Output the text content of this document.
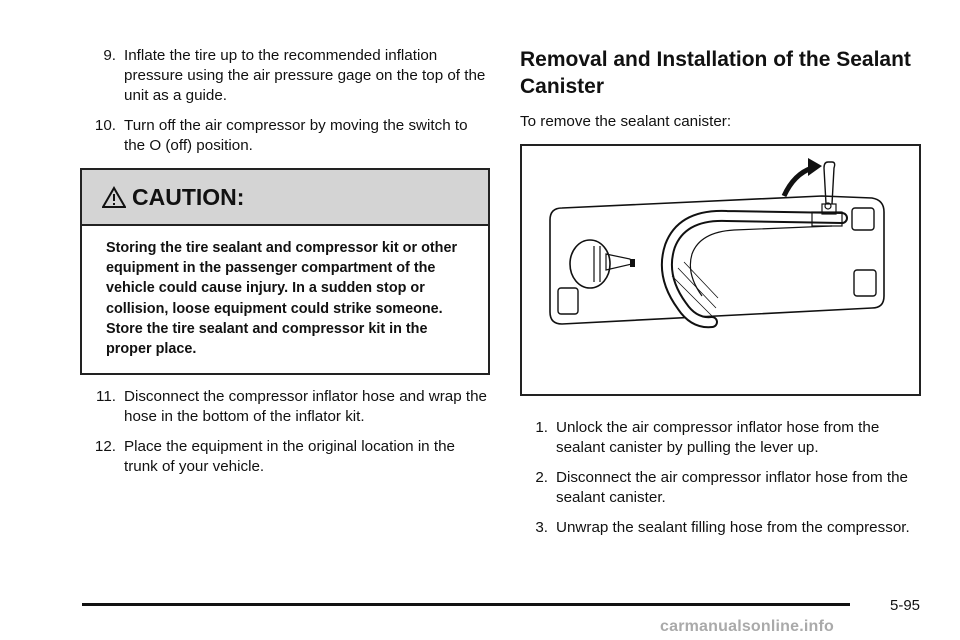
9. Inflate the tire up to the recommended inflation pressure using the air pressure gage on the top of the unit as a guide.
10. Turn off the air compressor by moving the switch to the O (off) position.
CAUTION:
Storing the tire sealant and compressor kit or other equipment in the passenger compartment of the vehicle could cause injury. In a sudden stop or collision, loose equipment could strike someone. Store the tire sealant and compressor kit in the proper place.
11. Disconnect the compressor inflator hose and wrap the hose in the bottom of the inflator kit.
12. Place the equipment in the original location in the trunk of your vehicle.
Removal and Installation of the Sealant Canister

To remove the sealant canister:

1. Unlock the air compressor inflator hose from the sealant canister by pulling the lever up.
2. Disconnect the air compressor inflator hose from the sealant canister.
3. Unwrap the sealant filling hose from the compressor.
5-95
carmanualsonline.info
